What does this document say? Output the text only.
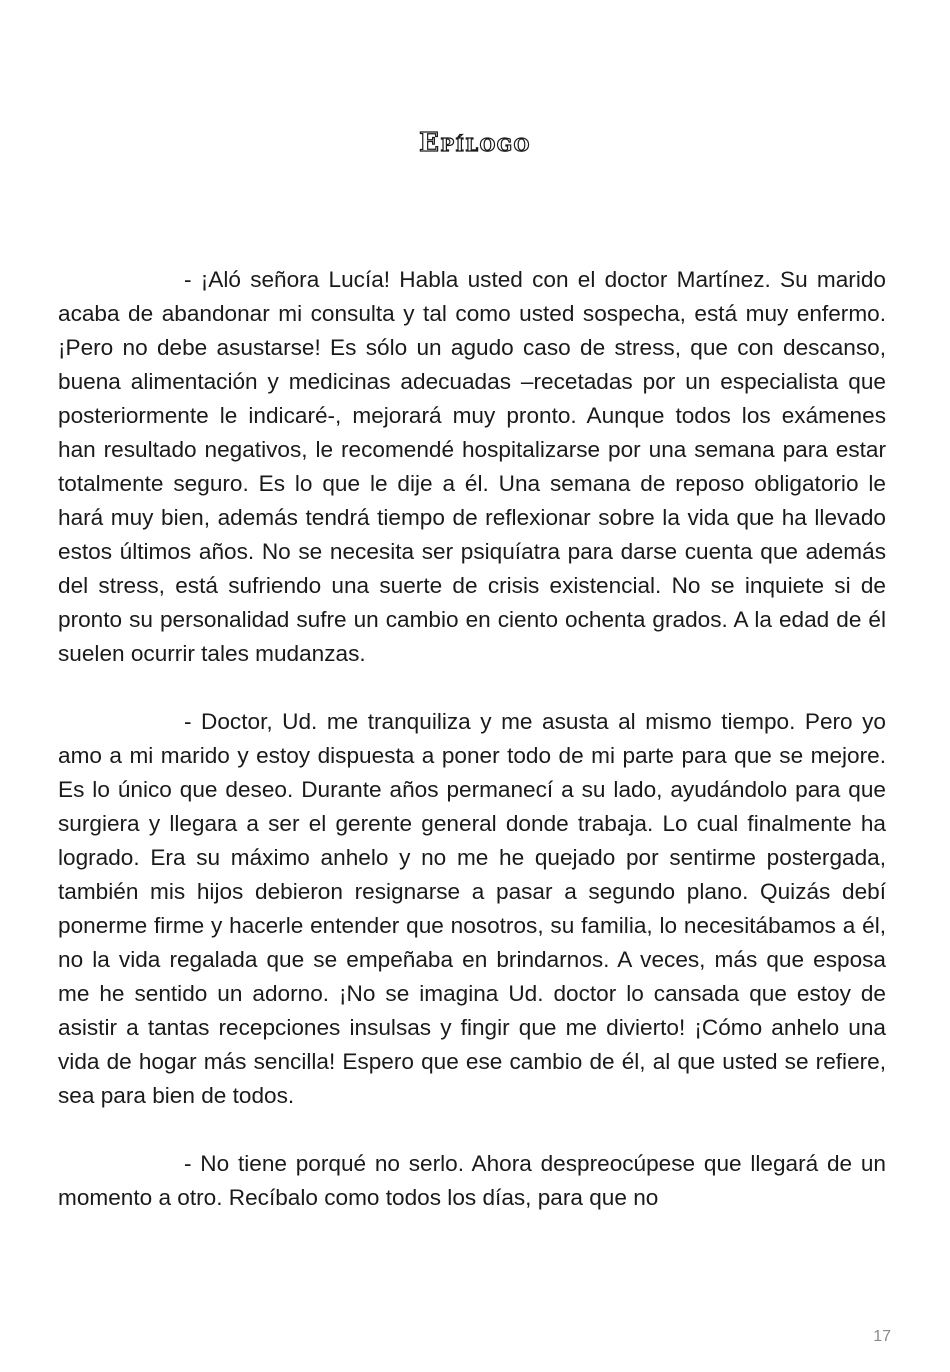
Epílogo

- ¡Aló señora Lucía! Habla usted con el doctor Martínez. Su marido acaba de abandonar mi consulta y tal como usted sospecha, está muy enfermo. ¡Pero no debe asustarse! Es sólo un agudo caso de stress, que con descanso, buena alimentación y medicinas adecuadas –recetadas por un especialista que posteriormente le indicaré-, mejorará muy pronto. Aunque todos los exámenes han resultado negativos, le recomendé hospitalizarse por una semana para estar totalmente seguro. Es lo que le dije a él. Una semana de reposo obligatorio le hará muy bien, además tendrá tiempo de reflexionar sobre la vida que ha llevado estos últimos años. No se necesita ser psiquíatra para darse cuenta que además del stress, está sufriendo una suerte de crisis existencial. No se inquiete si de pronto su personalidad sufre un cambio en ciento ochenta grados. A la edad de él suelen ocurrir tales mudanzas.

- Doctor, Ud. me tranquiliza y me asusta al mismo tiempo. Pero yo amo a mi marido y estoy dispuesta a poner todo de mi parte para que se mejore. Es lo único que deseo. Durante años permanecí a su lado, ayudándolo para que surgiera y llegara a ser el gerente general donde trabaja. Lo cual finalmente ha logrado. Era su máximo anhelo y no me he quejado por sentirme postergada, también mis hijos debieron resignarse a pasar a segundo plano. Quizás debí ponerme firme y hacerle entender que nosotros, su familia, lo necesitábamos a él, no la vida regalada que se empeñaba en brindarnos. A veces, más que esposa me he sentido un adorno. ¡No se imagina Ud. doctor lo cansada que estoy de asistir a tantas recepciones insulsas y fingir que me divierto! ¡Cómo anhelo una vida de hogar más sencilla! Espero que ese cambio de él, al que usted se refiere, sea para bien de todos.

- No tiene porqué no serlo. Ahora despreocúpese que llegará de un momento a otro. Recíbalo como todos los días, para que no

17
